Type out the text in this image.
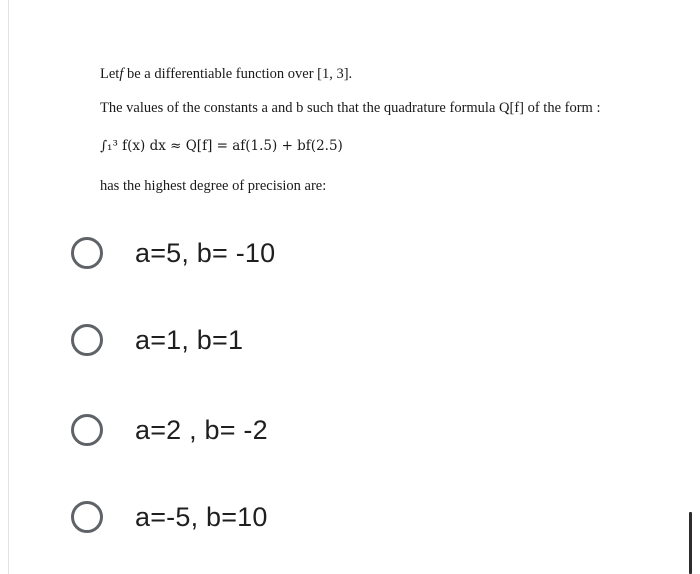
Letf be a differentiable function over [1, 3].

The values of the constants a and b such that the quadrature formula Q[f] of the form :

∫₁³ f(x) dx ≈ Q[f] = af(1.5) + bf(2.5)

has the highest degree of precision are:

a=5, b= -10
a=1, b=1
a=2 , b= -2
a=-5, b=10
